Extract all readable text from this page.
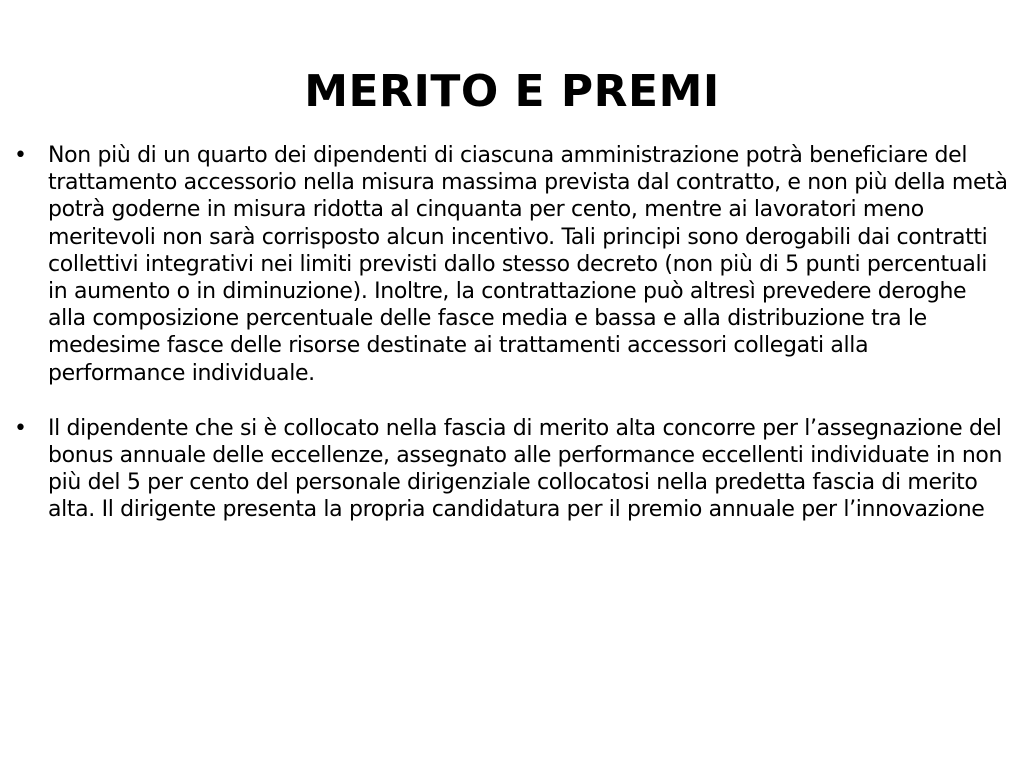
MERITO E PREMI
• Non più di un quarto dei dipendenti di ciascuna amministrazione potrà beneficiare del trattamento accessorio nella misura massima prevista dal contratto, e non più della metà potrà goderne in misura ridotta al cinquanta per cento, mentre ai lavoratori meno meritevoli non sarà corrisposto alcun incentivo. Tali principi sono derogabili dai contratti collettivi integrativi nei limiti previsti dallo stesso decreto (non più di 5 punti percentuali in aumento o in diminuzione). Inoltre, la contrattazione può altresì prevedere deroghe alla composizione percentuale delle fasce media e bassa e alla distribuzione tra le medesime fasce delle risorse destinate ai trattamenti accessori collegati alla performance individuale.
• Il dipendente che si è collocato nella fascia di merito alta concorre per l’assegnazione del bonus annuale delle eccellenze, assegnato alle performance eccellenti individuate in non più del 5 per cento del personale dirigenziale collocatosi nella predetta fascia di merito alta. Il dirigente presenta la propria candidatura per il premio annuale per l’innovazione
